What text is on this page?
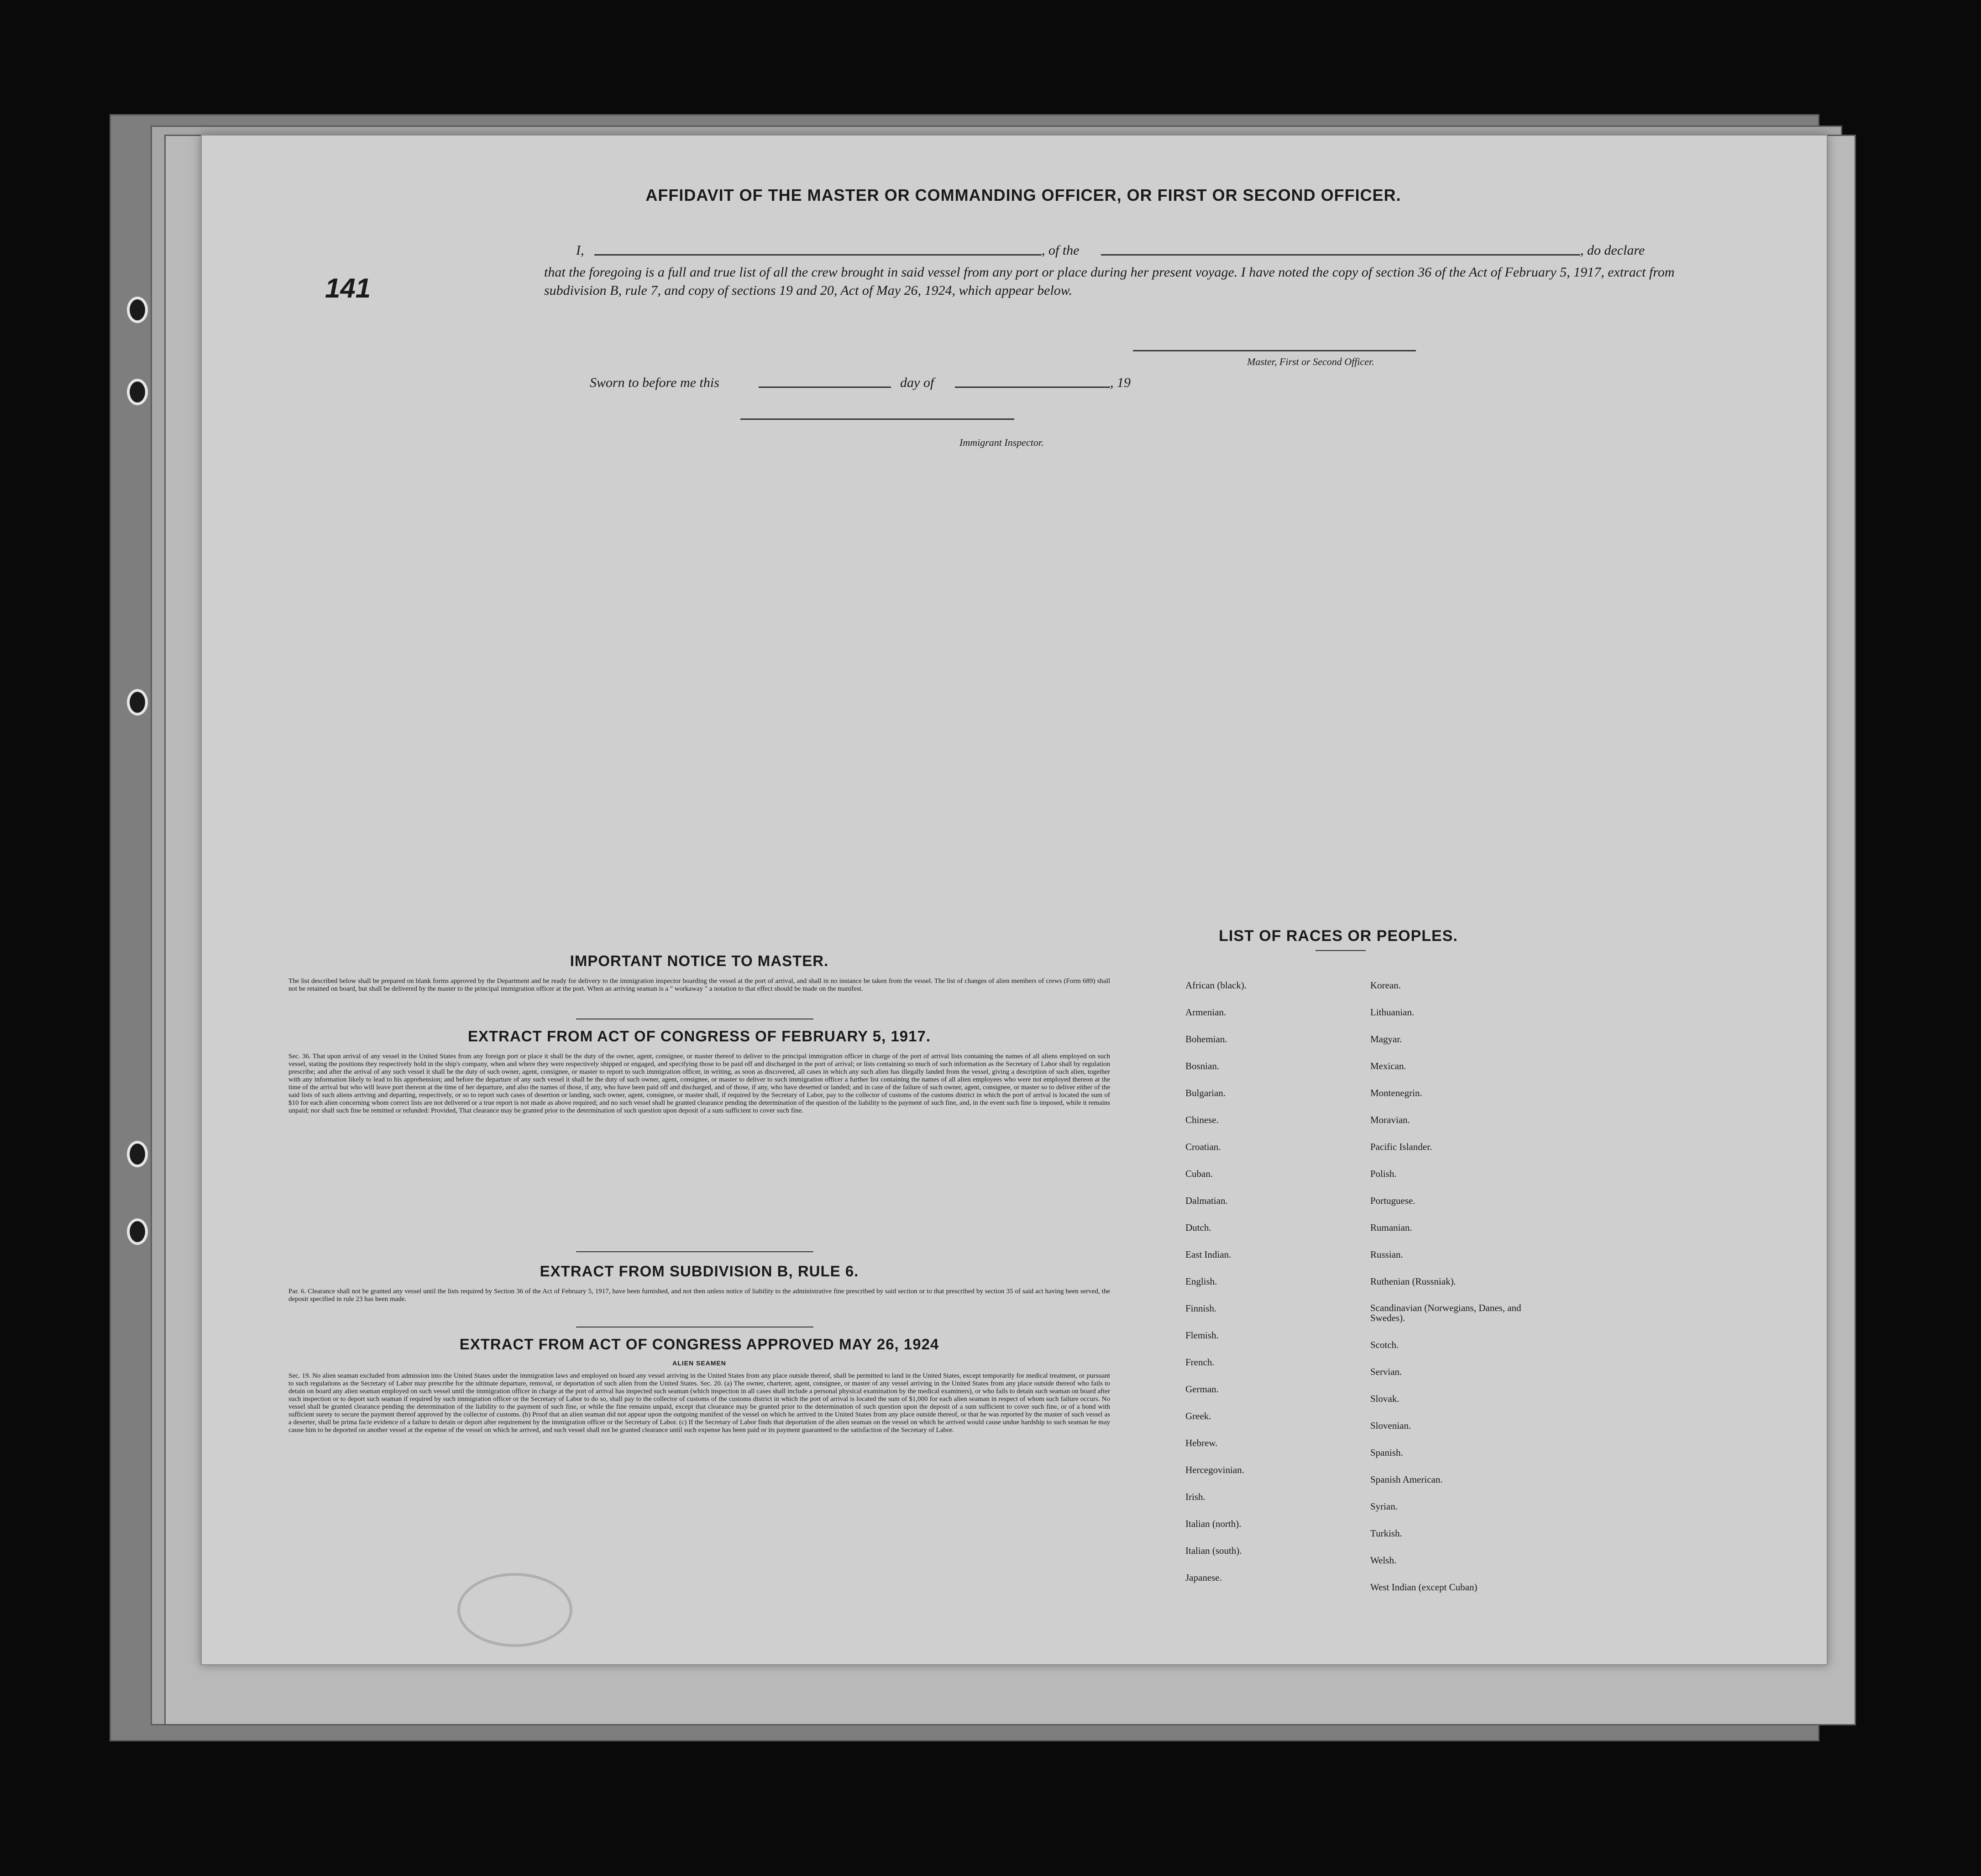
141
AFFIDAVIT OF THE MASTER OR COMMANDING OFFICER, OR FIRST OR SECOND OFFICER.
I,	, of the	, do declare
that the foregoing is a full and true list of all the crew brought in said vessel from any port or place during her present voyage. I have noted the copy of section 36 of the Act of February 5, 1917, extract from subdivision B, rule 7, and copy of sections 19 and 20, Act of May 26, 1924, which appear below.
Master, First or Second Officer.
Sworn to before me this	day of	, 19
Immigrant Inspector.
IMPORTANT NOTICE TO MASTER.
The list described below shall be prepared on blank forms approved by the Department and be ready for delivery to the immigration inspector boarding the vessel at the port of arrival, and shall in no instance be taken from the vessel. The list of changes of alien members of crews (Form 689) shall not be retained on board, but shall be delivered by the master to the principal immigration officer at the port. When an arriving seaman is a " workaway " a notation to that effect should be made on the manifest.
EXTRACT FROM ACT OF CONGRESS OF FEBRUARY 5, 1917.
Sec. 36. That upon arrival of any vessel in the United States from any foreign port or place it shall be the duty of the owner, agent, consignee, or master thereof to deliver to the principal immigration officer in charge of the port of arrival lists containing the names of all aliens employed on such vessel, stating the positions they respectively hold in the ship's company, when and where they were respectively shipped or engaged, and specifying those to be paid off and discharged in the port of arrival; or lists containing so much of such information as the Secretary of Labor shall by regulation prescribe; and after the arrival of any such vessel it shall be the duty of such owner, agent, consignee, or master to report to such immigration officer, in writing, as soon as discovered, all cases in which any such alien has illegally landed from the vessel, giving a description of such alien, together with any information likely to lead to his apprehension; and before the departure of any such vessel it shall be the duty of such owner, agent, consignee, or master to deliver to such immigration officer a further list containing the names of all alien employees who were not employed thereon at the time of the arrival but who will leave port thereon at the time of her departure, and also the names of those, if any, who have been paid off and discharged, and of those, if any, who have deserted or landed; and in case of the failure of such owner, agent, consignee, or master so to deliver either of the said lists of such aliens arriving and departing, respectively, or so to report such cases of desertion or landing, such owner, agent, consignee, or master shall, if required by the Secretary of Labor, pay to the collector of customs of the customs district in which the port of arrival is located the sum of $10 for each alien concerning whom correct lists are not delivered or a true report is not made as above required; and no such vessel shall be granted clearance pending the determination of the question of the liability to the payment of such fine, and, in the event such fine is imposed, while it remains unpaid; nor shall such fine be remitted or refunded: Provided, That clearance may be granted prior to the determination of such question upon deposit of a sum sufficient to cover such fine.
EXTRACT FROM SUBDIVISION B, RULE 6.
Par. 6. Clearance shall not be granted any vessel until the lists required by Section 36 of the Act of February 5, 1917, have been furnished, and not then unless notice of liability to the administrative fine prescribed by said section or to that prescribed by section 35 of said act having been served, the deposit specified in rule 23 has been made.
EXTRACT FROM ACT OF CONGRESS APPROVED MAY 26, 1924
ALIEN SEAMEN
Sec. 19. No alien seaman excluded from admission into the United States under the immigration laws and employed on board any vessel arriving in the United States from any place outside thereof, shall be permitted to land in the United States, except temporarily for medical treatment, or pursuant to such regulations as the Secretary of Labor may prescribe for the ultimate departure, removal, or deportation of such alien from the United States. Sec. 20. (a) The owner, charterer, agent, consignee, or master of any vessel arriving in the United States from any place outside thereof who fails to detain on board any alien seaman employed on such vessel until the immigration officer in charge at the port of arrival has inspected such seaman (which inspection in all cases shall include a personal physical examination by the medical examiners), or who fails to detain such seaman on board after such inspection or to deport such seaman if required by such immigration officer or the Secretary of Labor to do so, shall pay to the collector of customs of the customs district in which the port of arrival is located the sum of $1,000 for each alien seaman in respect of whom such failure occurs. No vessel shall be granted clearance pending the determination of the liability to the payment of such fine, or while the fine remains unpaid, except that clearance may be granted prior to the determination of such question upon the deposit of a sum sufficient to cover such fine, or of a bond with sufficient surety to secure the payment thereof approved by the collector of customs. (b) Proof that an alien seaman did not appear upon the outgoing manifest of the vessel on which he arrived in the United States from any place outside thereof, or that he was reported by the master of such vessel as a deserter, shall be prima facie evidence of a failure to detain or deport after requirement by the immigration officer or the Secretary of Labor. (c) If the Secretary of Labor finds that deportation of the alien seaman on the vessel on which he arrived would cause undue hardship to such seaman he may cause him to be deported on another vessel at the expense of the vessel on which he arrived, and such vessel shall not be granted clearance until such expense has been paid or its payment guaranteed to the satisfaction of the Secretary of Labor.
LIST OF RACES OR PEOPLES.
African (black).
Armenian.
Bohemian.
Bosnian.
Bulgarian.
Chinese.
Croatian.
Cuban.
Dalmatian.
Dutch.
East Indian.
English.
Finnish.
Flemish.
French.
German.
Greek.
Hebrew.
Hercegovinian.
Irish.
Italian (north).
Italian (south).
Japanese.
Korean.
Lithuanian.
Magyar.
Mexican.
Montenegrin.
Moravian.
Pacific Islander.
Polish.
Portuguese.
Rumanian.
Russian.
Ruthenian (Russniak).
Scandinavian (Norwegians, Danes, and Swedes).
Scotch.
Servian.
Slovak.
Slovenian.
Spanish.
Spanish American.
Syrian.
Turkish.
Welsh.
West Indian (except Cuban)
